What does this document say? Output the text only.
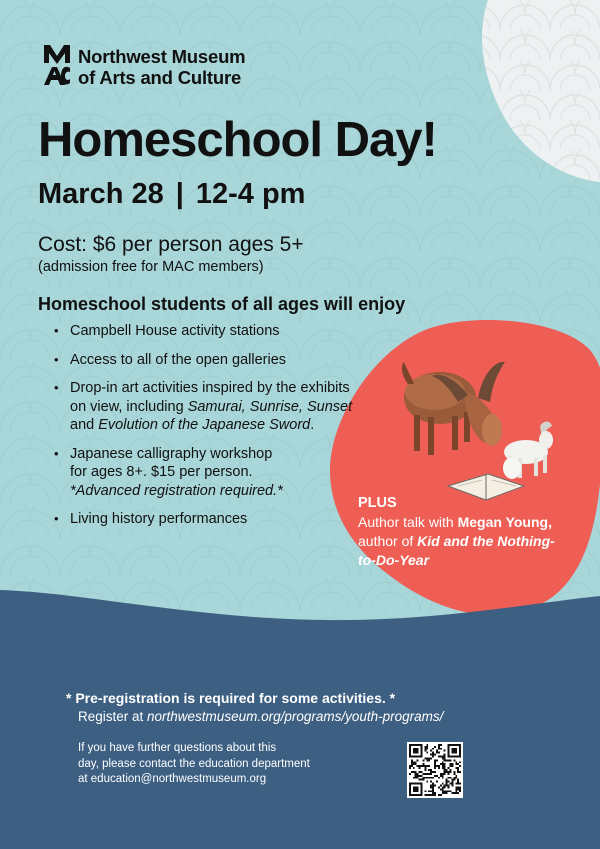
Northwest Museum
of Arts and Culture
Homeschool Day!
March 28 | 12-4 pm
Cost: $6 per person ages 5+
(admission free for MAC members)
Homeschool students of all ages will enjoy
• Campbell House activity stations
• Access to all of the open galleries
• Drop-in art activities inspired by the exhibits on view, including Samurai, Sunrise, Sunset and Evolution of the Japanese Sword.
• Japanese calligraphy workshop
for ages 8+. $15 per person.
*Advanced registration required.*
• Living history performances
PLUS
Author talk with Megan Young, author of Kid and the Nothing-to-Do-Year
* Pre-registration is required for some activities. *
Register at northwestmuseum.org/programs/youth-programs/
If you have further questions about this
day, please contact the education department
at education@northwestmuseum.org
